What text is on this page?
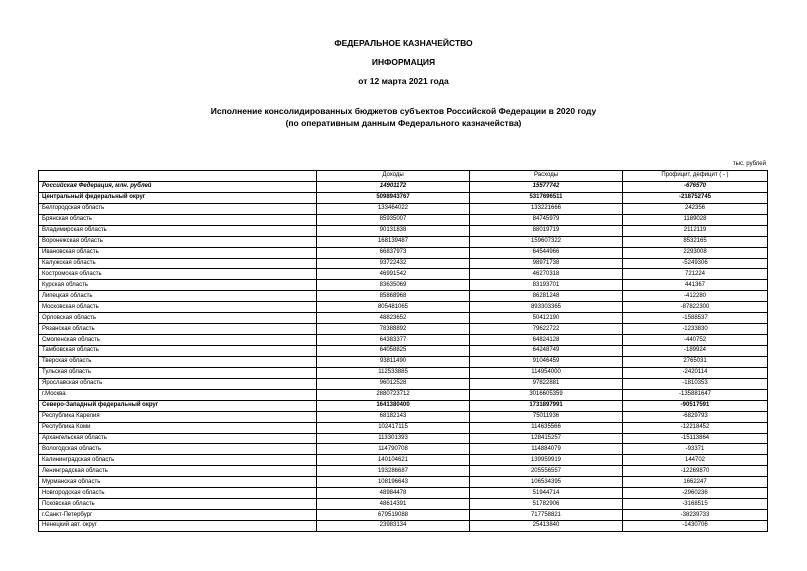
ФЕДЕРАЛЬНОЕ КАЗНАЧЕЙСТВО
ИНФОРМАЦИЯ
от 12 марта 2021 года
Исполнение консолидированных бюджетов субъектов Российской Федерации в 2020 году
(по оперативным данным Федерального казначейства)
тыс. рублей
	Доходы	Расходы	Профицит, дефицит ( - )
Российская Федерация, млн. рублей	14901172	15577742	-676570
Центральный федеральный округ	5098943767	5317696511	-218752745
Белгородская область	133464022	133221666	242356
Брянская область	85935007	84745979	1189028
Владимирская область	90131838	88019719	2112119
Воронежская область	168139487	159607322	8532165
Ивановская область	66837973	64544966	2293008
Калужская область	93722432	98971738	-5249306
Костромская область	46991542	46270318	721224
Курская область	83635069	83193701	441367
Липецкая область	85868968	86281248	-412280
Московская область	805481065	893303365	-87822300
Орловская область	48823652	50412190	-1588537
Рязанская область	78388892	79622722	-1233830
Смоленская область	64383377	64824128	-440752
Тамбовская область	64058825	64248749	-189924
Тверская область	93811490	91046459	2765031
Тульская область	112533885	114954000	-2420114
Ярославская область	96012528	97822881	-1810353
г.Москва	2880723712	3016605359	-135881647
Северо-Западный федеральный округ	1641380400	1731897991	-90517591
Республика Карелия	68182143	75011936	-6829793
Республика Коми	102417115	114635566	-12218452
Архангельская область	113301393	128415257	-15113864
Вологодская область	114790708	114884079	-93371
Калининградская область	140104621	139959919	144702
Ленинградская область	193286687	205556557	-12269870
Мурманская область	108196643	106534395	1662247
Новгородская область	48984478	51944714	-2960236
Псковская область	48614391	51782906	-3168515
г.Санкт-Петербург	679519088	717758821	-38239733
Ненецкий авт. округ	23983134	25413840	-1430706
